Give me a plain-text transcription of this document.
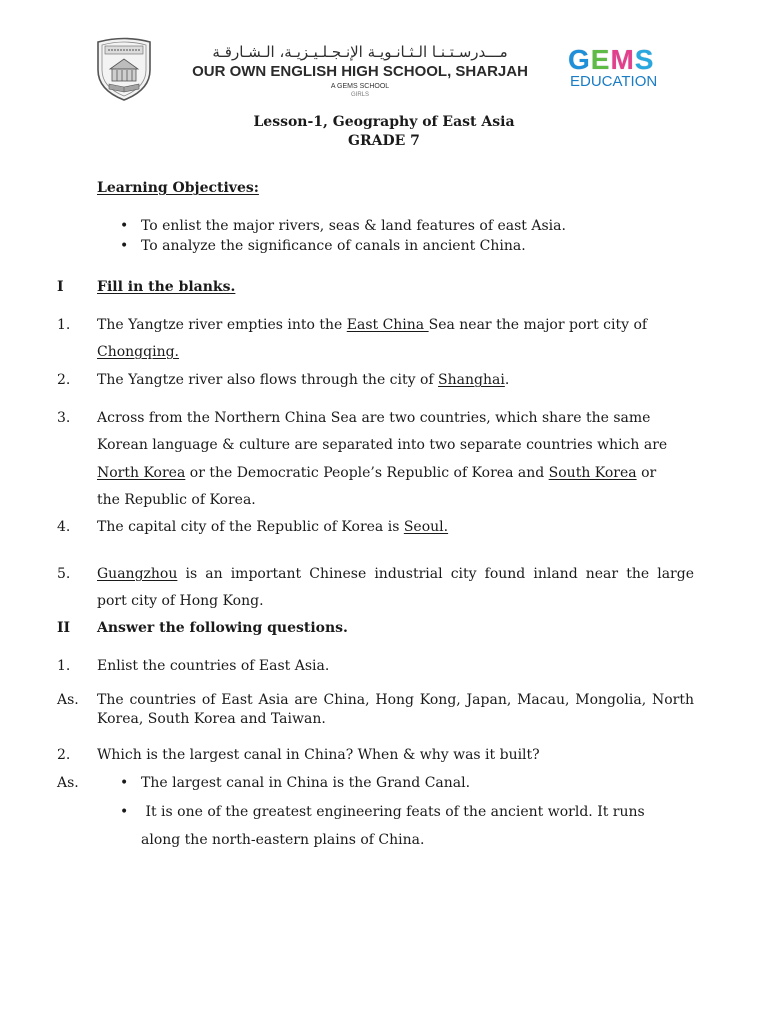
مـــدرسـتـنـا الـثـانـويـة الإنـجـلـيـزيـة، الـشـارقـة
OUR OWN ENGLISH HIGH SCHOOL, SHARJAH
A GEMS SCHOOL
GIRLS
GEMS
EDUCATION
Lesson-1, Geography of East Asia
GRADE 7
Learning Objectives:
• To enlist the major rivers, seas & land features of east Asia.
• To analyze the significance of canals in ancient China.
I Fill in the blanks.
1. The Yangtze river empties into the East China Sea near the major port city of
Chongqing.
2. The Yangtze river also flows through the city of Shanghai.
3. Across from the Northern China Sea are two countries, which share the same
Korean language & culture are separated into two separate countries which are
North Korea or the Democratic People’s Republic of Korea and South Korea or
the Republic of Korea.
4. The capital city of the Republic of Korea is Seoul.
5. Guangzhou is an important Chinese industrial city found inland near the large
port city of Hong Kong.
II Answer the following questions.
1. Enlist the countries of East Asia.
As. The countries of East Asia are China, Hong Kong, Japan, Macau, Mongolia, North
Korea, South Korea and Taiwan.
2. Which is the largest canal in China? When & why was it built?
As.	• The largest canal in China is the Grand Canal.
• It is one of the greatest engineering feats of the ancient world. It runs
along the north-eastern plains of China.
